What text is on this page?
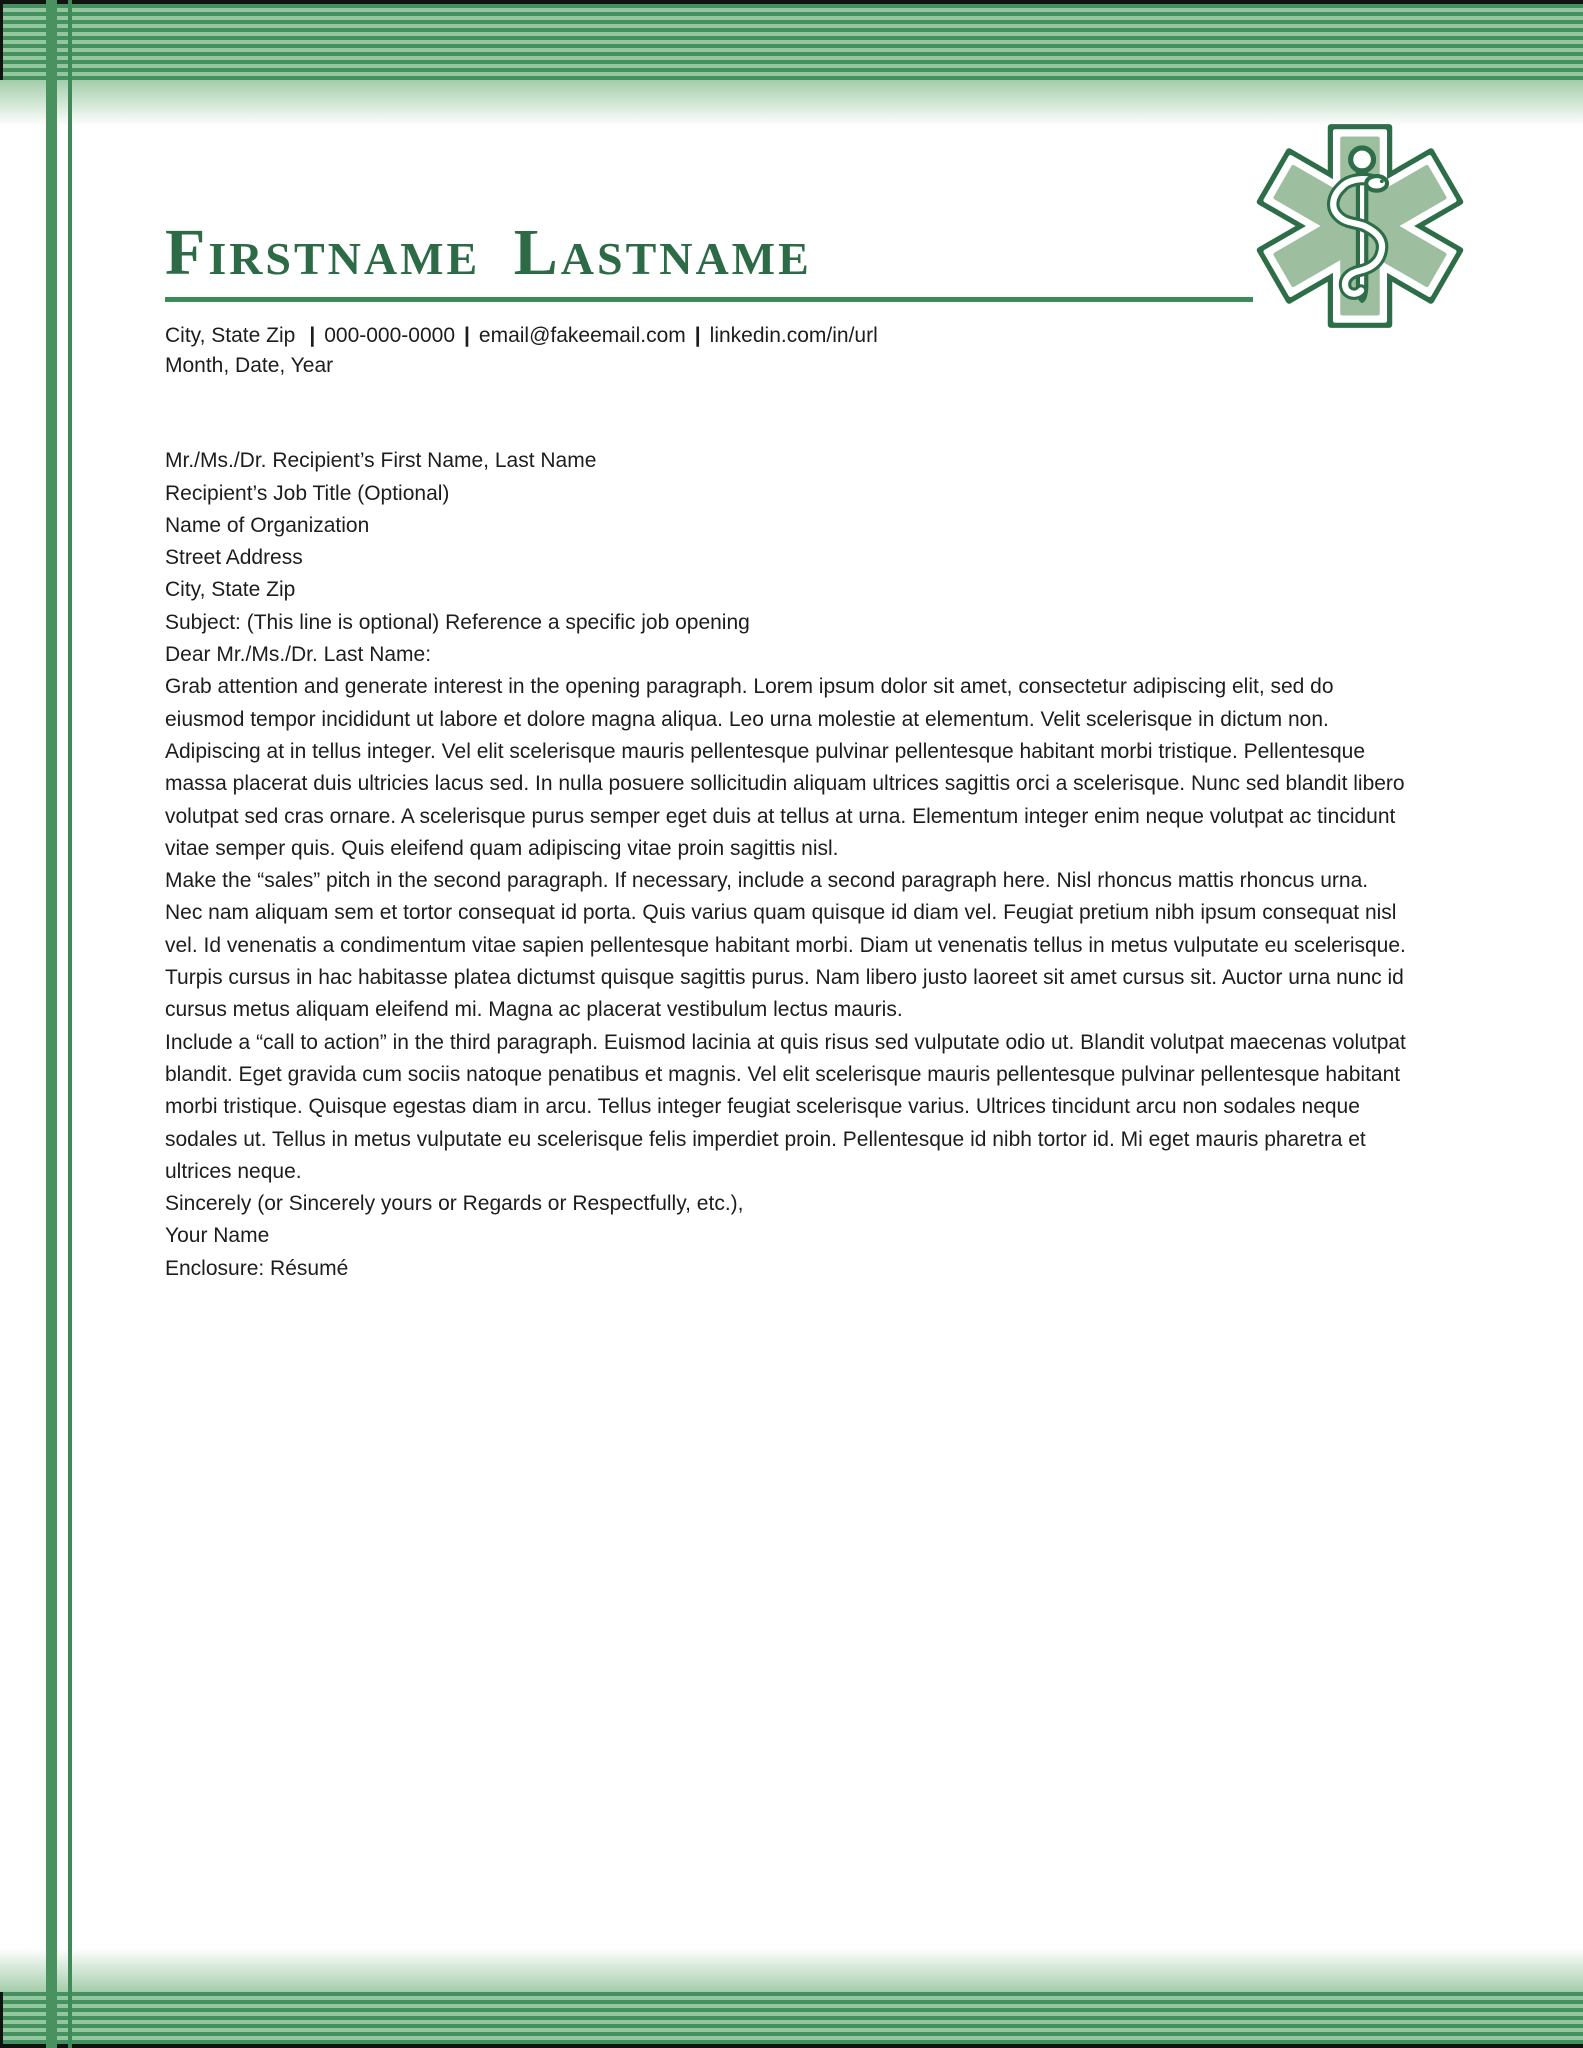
Firstname Lastname
City, State Zip | 000-000-0000 | email@fakeemail.com | linkedin.com/in/url

Month, Date, Year

Mr./Ms./Dr. Recipient’s First Name, Last Name

Recipient’s Job Title (Optional)

Name of Organization

Street Address

City, State Zip

Subject: (This line is optional) Reference a specific job opening

Dear Mr./Ms./Dr. Last Name:

Grab attention and generate interest in the opening paragraph. Lorem ipsum dolor sit amet, consectetur adipiscing elit, sed do eiusmod tempor incididunt ut labore et dolore magna aliqua. Leo urna molestie at elementum. Velit scelerisque in dictum non. Adipiscing at in tellus integer. Vel elit scelerisque mauris pellentesque pulvinar pellentesque habitant morbi tristique. Pellentesque massa placerat duis ultricies lacus sed. In nulla posuere sollicitudin aliquam ultrices sagittis orci a scelerisque. Nunc sed blandit libero volutpat sed cras ornare. A scelerisque purus semper eget duis at tellus at urna. Elementum integer enim neque volutpat ac tincidunt vitae semper quis. Quis eleifend quam adipiscing vitae proin sagittis nisl.

Make the “sales” pitch in the second paragraph. If necessary, include a second paragraph here. Nisl rhoncus mattis rhoncus urna. Nec nam aliquam sem et tortor consequat id porta. Quis varius quam quisque id diam vel. Feugiat pretium nibh ipsum consequat nisl vel. Id venenatis a condimentum vitae sapien pellentesque habitant morbi. Diam ut venenatis tellus in metus vulputate eu scelerisque. Turpis cursus in hac habitasse platea dictumst quisque sagittis purus. Nam libero justo laoreet sit amet cursus sit. Auctor urna nunc id cursus metus aliquam eleifend mi. Magna ac placerat vestibulum lectus mauris.

Include a “call to action” in the third paragraph. Euismod lacinia at quis risus sed vulputate odio ut. Blandit volutpat maecenas volutpat blandit. Eget gravida cum sociis natoque penatibus et magnis. Vel elit scelerisque mauris pellentesque pulvinar pellentesque habitant morbi tristique. Quisque egestas diam in arcu. Tellus integer feugiat scelerisque varius. Ultrices tincidunt arcu non sodales neque sodales ut. Tellus in metus vulputate eu scelerisque felis imperdiet proin. Pellentesque id nibh tortor id. Mi eget mauris pharetra et ultrices neque.

Sincerely (or Sincerely yours or Regards or Respectfully, etc.),

Your Name

Enclosure: Résumé
